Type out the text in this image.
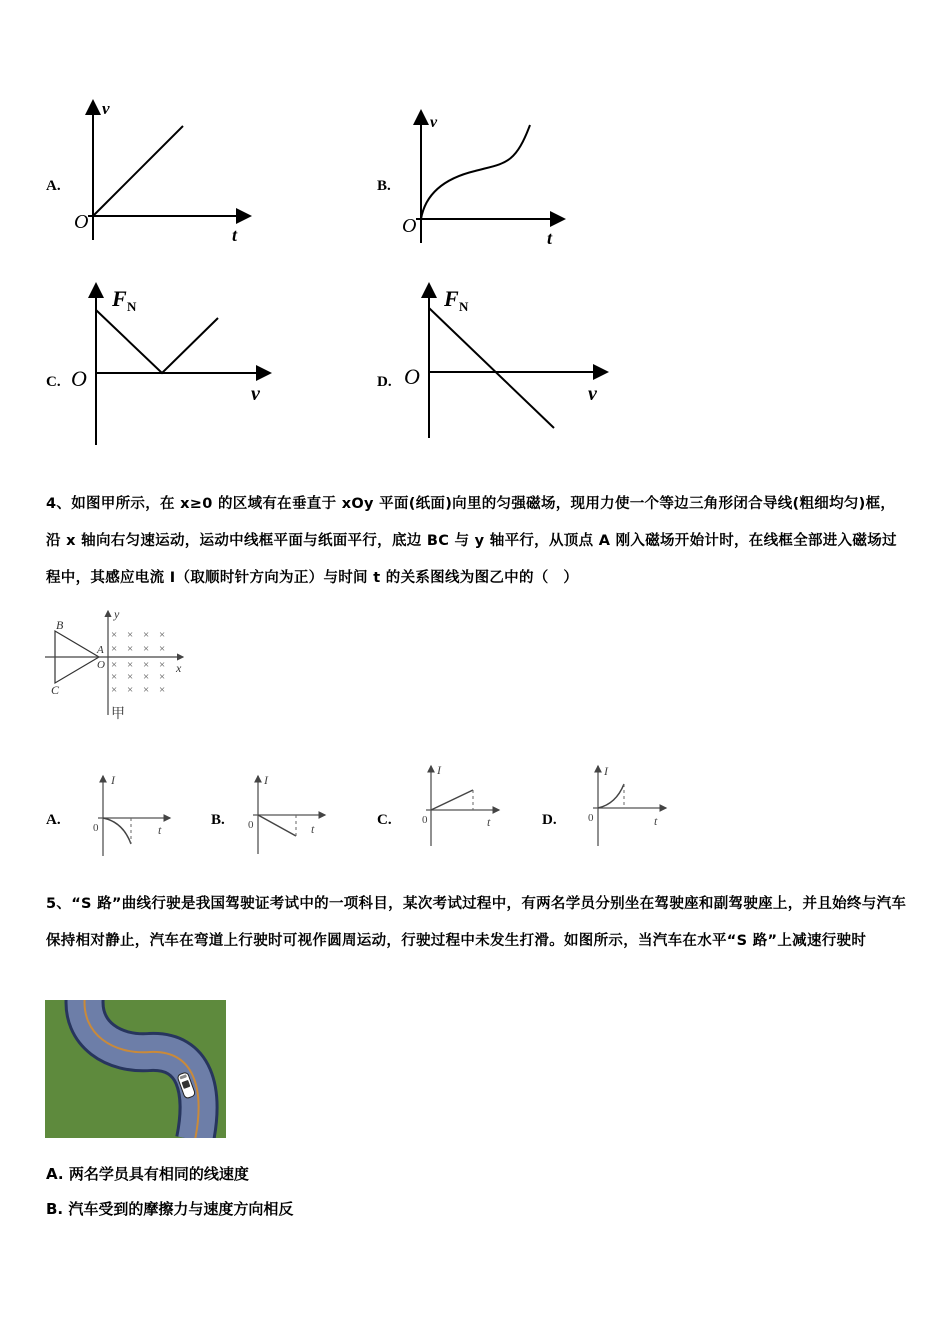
A.
v
O
t
B.
v
O
t
C.
F N
O
v
D.
F N
O
v
4、如图甲所示，在 x≥0 的区域有在垂直于 xOy 平面(纸面)向里的匀强磁场，现用力使一个等边三角形闭合导线(粗细均匀)框，沿 x 轴向右匀速运动，运动中线框平面与纸面平行，底边 BC 与 y 轴平行，从顶点 A 刚入磁场开始计时，在线框全部进入磁场过程中，其感应电流 I（取顺时针方向为正）与时间 t 的关系图线为图乙中的（　）
× × × ×
× × × ×
× × × ×
× × × ×
× × × ×
B
C
A
O
y
x
甲
A.
I
0	t
B.
I
0	t
C.
I
0	t	D.
I
0	t
5、“S 路”曲线行驶是我国驾驶证考试中的一项科目，某次考试过程中，有两名学员分别坐在驾驶座和副驾驶座上，并且始终与汽车保持相对静止，汽车在弯道上行驶时可视作圆周运动，行驶过程中未发生打滑。如图所示，当汽车在水平“S 路”上减速行驶时
A. 两名学员具有相同的线速度
B. 汽车受到的摩擦力与速度方向相反
